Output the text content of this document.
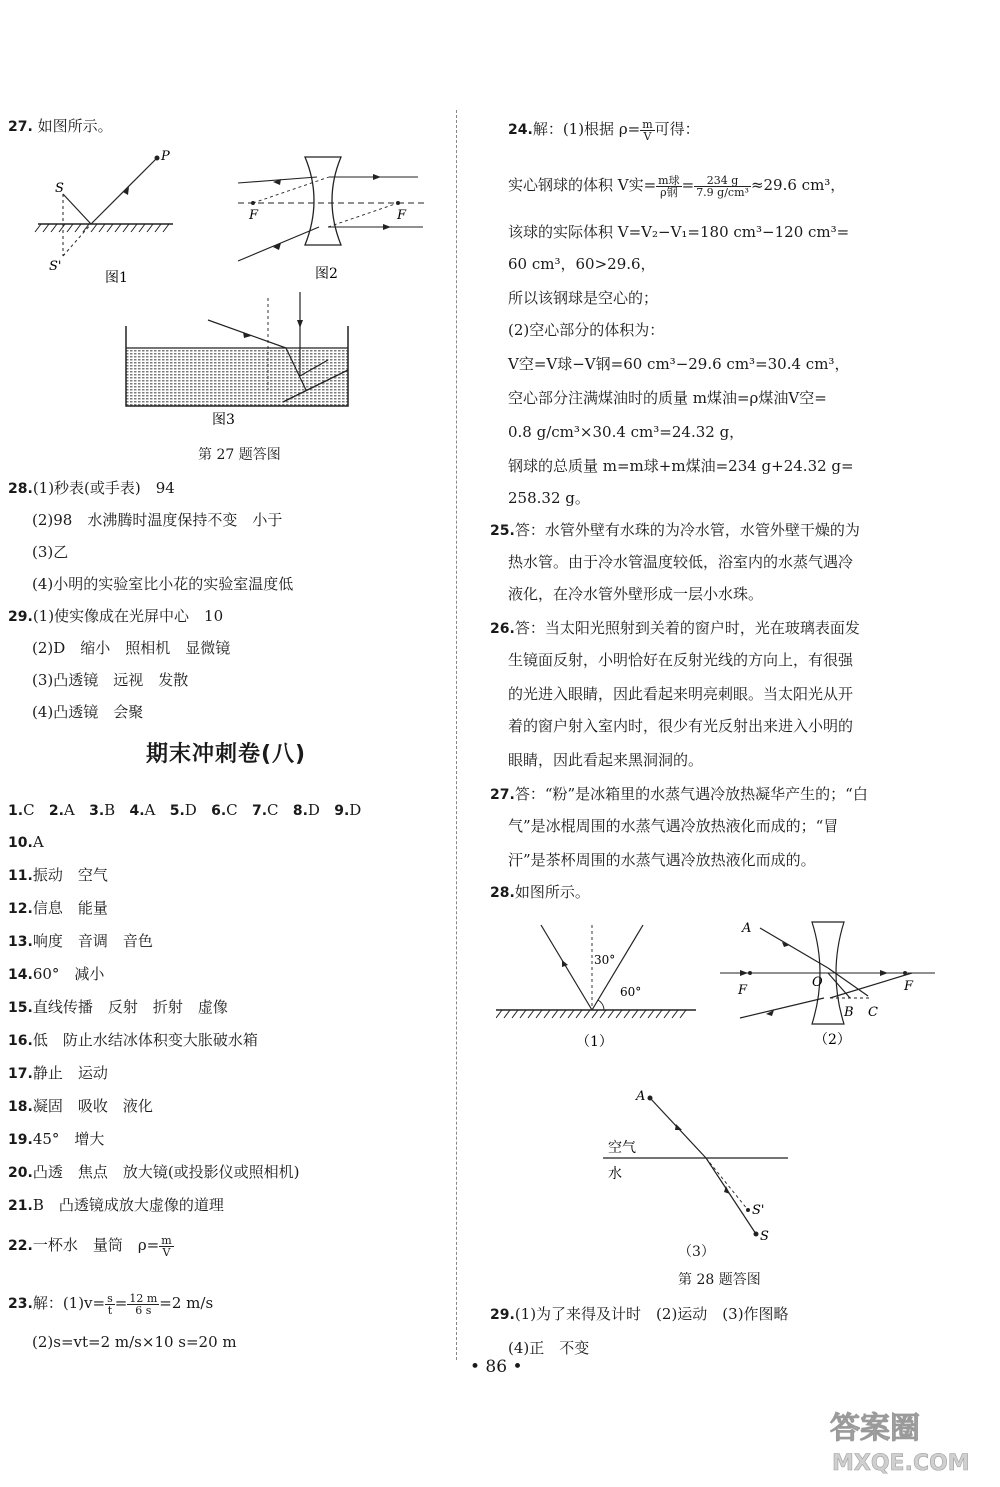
27. 如图所示。
S
P
S'
图1
F	F
图2
图3
第 27 题答图
28.(1)秒表(或手表)　94
(2)98　水沸腾时温度保持不变　小于
(3)乙
(4)小明的实验室比小花的实验室温度低
29.(1)使实像成在光屏中心　10
(2)D　缩小　照相机　显微镜
(3)凸透镜　远视　发散
(4)凸透镜　会聚
期末冲刺卷(八)
1.C 2.A 3.B 4.A 5.D 6.C 7.C 8.D 9.D
10.A
11.振动　空气
12.信息　能量
13.响度　音调　音色
14.60°　减小
15.直线传播　反射　折射　虚像
16.低　防止水结冰体积变大胀破水箱
17.静止　运动
18.凝固　吸收　液化
19.45°　增大
20.凸透　焦点　放大镜(或投影仪或照相机)
21.B　凸透镜成放大虚像的道理
22.一杯水　量筒　$\rho= \frac{m}{V}$
23.解：$(1)v= \frac{s}{t} = \frac{12 m}{6 s} =2$ m/s
(2)s=vt=2 m/s×10 s=20 m
24.解：(1)根据 $\rho= \frac{m}{V}$ 可得：
实心钢球的体积 V实= $\frac{\text{m球}}{\text{ρ钢}} = \frac{234 g}{\text{7.9 g/cm³}} \approx 29.6$ cm³，
该球的实际体积 V=V₂−V₁=180 cm³−120 cm³=
60 cm³，60>29.6，
所以该钢球是空心的；
(2)空心部分的体积为：
V空=V球−V钢=60 cm³−29.6 cm³=30.4 cm³，
空心部分注满煤油时的质量 m煤油=ρ煤油V空=
0.8 g/cm³×30.4 cm³=24.32 g，
钢球的总质量 m=m球+m煤油=234 g+24.32 g=
258.32 g。
25.答：水管外壁有水珠的为冷水管，水管外壁干燥的为
热水管。由于冷水管温度较低，浴室内的水蒸气遇冷
液化，在冷水管外壁形成一层小水珠。
26.答：当太阳光照射到关着的窗户时，光在玻璃表面发
生镜面反射，小明恰好在反射光线的方向上，有很强
的光进入眼睛，因此看起来明亮刺眼。当太阳光从开
着的窗户射入室内时，很少有光反射出来进入小明的
眼睛，因此看起来黑洞洞的。
27.答：“粉”是冰箱里的水蒸气遇冷放热凝华产生的；“白
气”是冰棍周围的水蒸气遇冷放热液化而成的；“冒
汗”是茶杯周围的水蒸气遇冷放热液化而成的。
28.如图所示。
30°
60°
（1）
A
O
F	F
B C
（2）
A
空气
水
S'
S
（3）
第 28 题答图
29.(1)为了来得及计时　(2)运动　(3)作图略
(4)正　不变
• 86 •
答案圈
MXQE.COM
